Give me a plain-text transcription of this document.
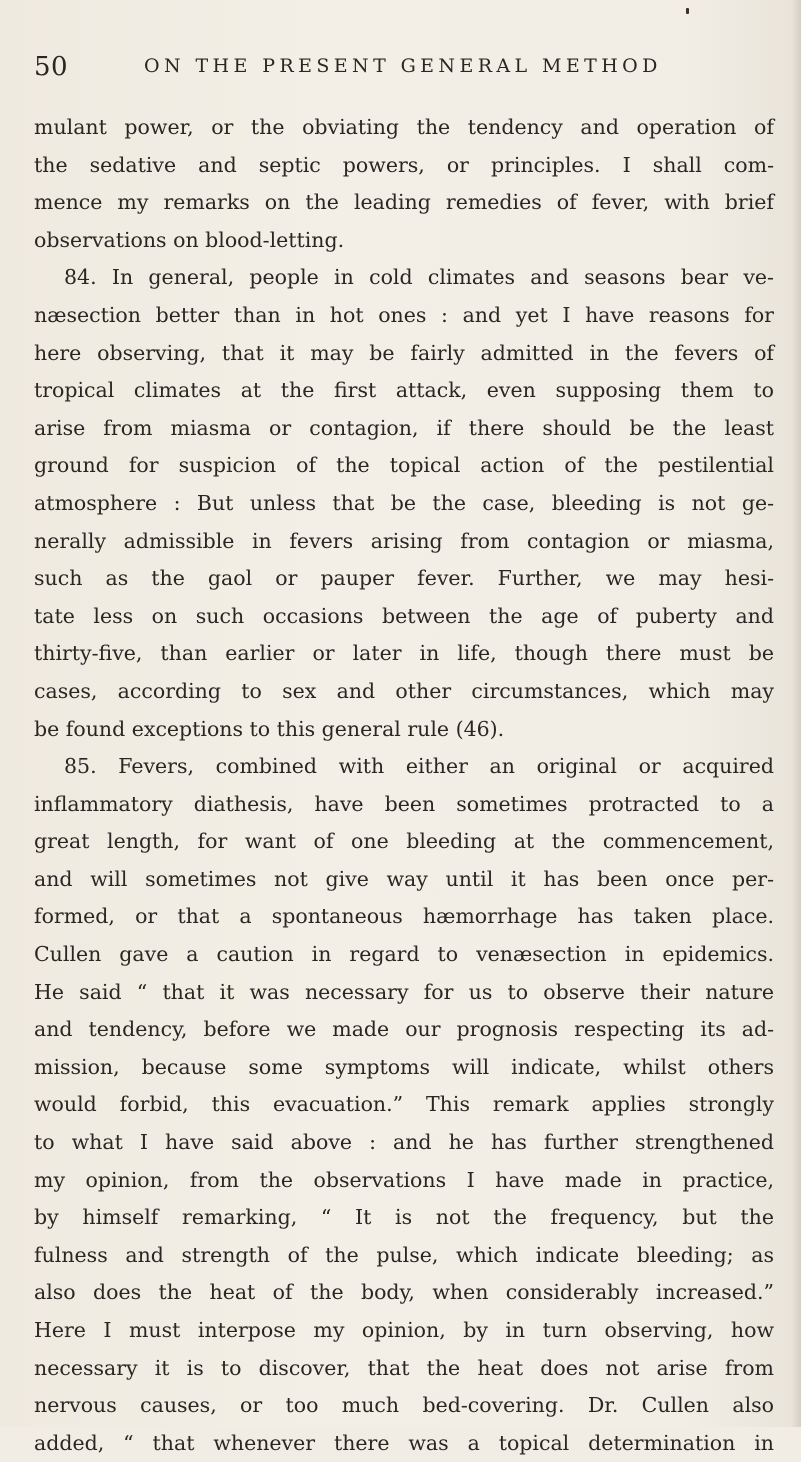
50	ON THE PRESENT GENERAL METHOD
mulant power, or the obviating the tendency and operation of
the sedative and septic powers, or principles. I shall com-
mence my remarks on the leading remedies of fever, with brief
observations on blood-letting.
84. In general, people in cold climates and seasons bear ve-
næsection better than in hot ones : and yet I have reasons for
here observing, that it may be fairly admitted in the fevers of
tropical climates at the first attack, even supposing them to
arise from miasma or contagion, if there should be the least
ground for suspicion of the topical action of the pestilential
atmosphere : But unless that be the case, bleeding is not ge-
nerally admissible in fevers arising from contagion or miasma,
such as the gaol or pauper fever. Further, we may hesi-
tate less on such occasions between the age of puberty and
thirty-five, than earlier or later in life, though there must be
cases, according to sex and other circumstances, which may
be found exceptions to this general rule (46).
85. Fevers, combined with either an original or acquired
inflammatory diathesis, have been sometimes protracted to a
great length, for want of one bleeding at the commencement,
and will sometimes not give way until it has been once per-
formed, or that a spontaneous hæmorrhage has taken place.
Cullen gave a caution in regard to venæsection in epidemics.
He said “ that it was necessary for us to observe their nature
and tendency, before we made our prognosis respecting its ad-
mission, because some symptoms will indicate, whilst others
would forbid, this evacuation.” This remark applies strongly
to what I have said above : and he has further strengthened
my opinion, from the observations I have made in practice,
by himself remarking, “ It is not the frequency, but the
fulness and strength of the pulse, which indicate bleeding; as
also does the heat of the body, when considerably increased.”
Here I must interpose my opinion, by in turn observing, how
necessary it is to discover, that the heat does not arise from
nervous causes, or too much bed-covering. Dr. Cullen also
added, “ that whenever there was a topical determination in
